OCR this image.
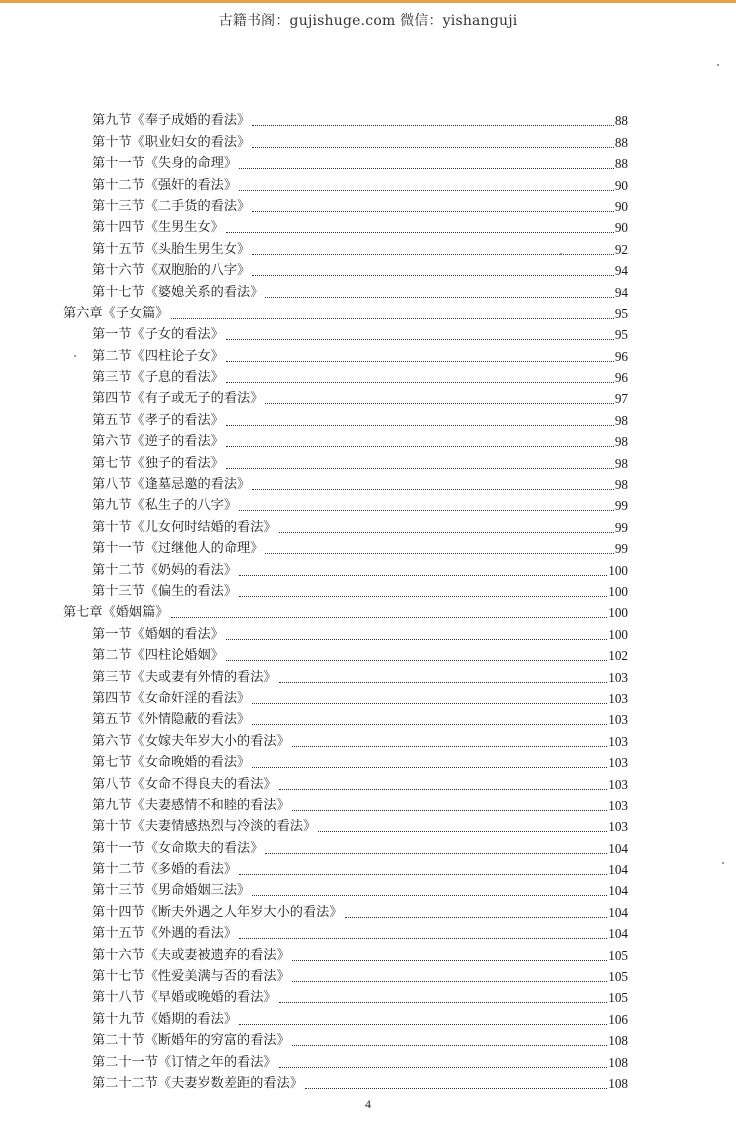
古籍书阁：gujishuge.com 微信：yishanguji
第九节《奉子成婚的看法》	88
第十节《职业妇女的看法》	88
第十一节《失身的命理》	88
第十二节《强奸的看法》	90
第十三节《二手货的看法》	90
第十四节《生男生女》	90
第十五节《头胎生男生女》	92
第十六节《双胞胎的八字》	94
第十七节《婆媳关系的看法》	94
第六章《子女篇》	95
第一节《子女的看法》	95
第二节《四柱论子女》	96
第三节《子息的看法》	96
第四节《有子或无子的看法》	97
第五节《孝子的看法》	98
第六节《逆子的看法》	98
第七节《独子的看法》	98
第八节《逢墓忌邀的看法》	98
第九节《私生子的八字》	99
第十节《儿女何时结婚的看法》	99
第十一节《过继他人的命理》	99
第十二节《奶妈的看法》	100
第十三节《偏生的看法》	100
第七章《婚姻篇》	100
第一节《婚姻的看法》	100
第二节《四柱论婚姻》	102
第三节《夫或妻有外情的看法》	103
第四节《女命奸淫的看法》	103
第五节《外情隐蔽的看法》	103
第六节《女嫁夫年岁大小的看法》	103
第七节《女命晚婚的看法》	103
第八节《女命不得良夫的看法》	103
第九节《夫妻感情不和睦的看法》	103
第十节《夫妻情感热烈与冷淡的看法》	103
第十一节《女命欺夫的看法》	104
第十二节《多婚的看法》	104
第十三节《男命婚姻三法》	104
第十四节《断夫外遇之人年岁大小的看法》	104
第十五节《外遇的看法》	104
第十六节《夫或妻被遗弃的看法》	105
第十七节《性爱美满与否的看法》	105
第十八节《早婚或晚婚的看法》	105
第十九节《婚期的看法》	106
第二十节《断婚年的穷富的看法》	108
第二十一节《订情之年的看法》	108
第二十二节《夫妻岁数差距的看法》	108
4
